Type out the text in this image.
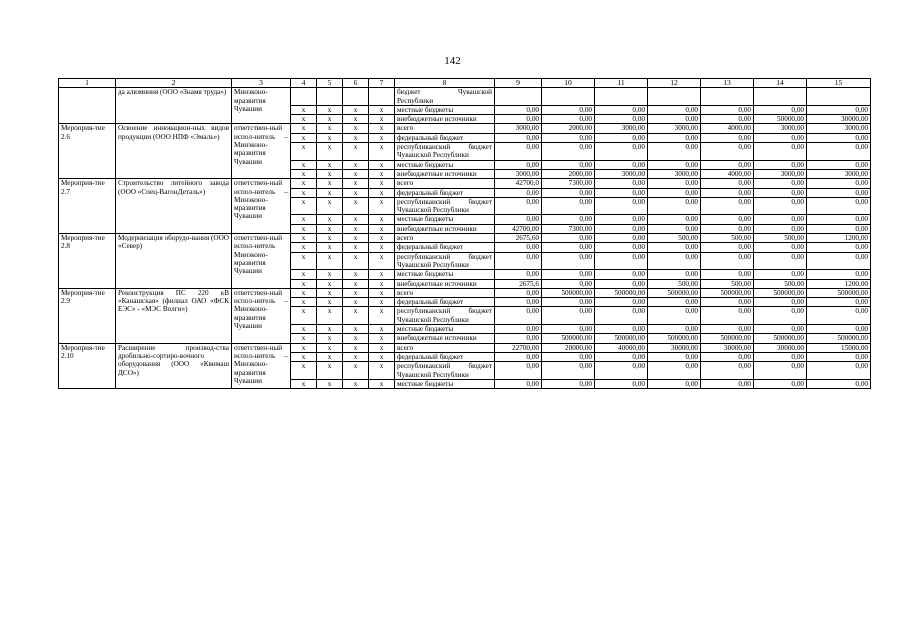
142
1	2	3	4	5	6	7	8	9	10	11	12	13	14	15
	да алюминия (ООО «Знамя труда»)	Минэконо-мразвития Чувашии					бюджет Чувашской Республики							
			x	x	x	x	местные бюджеты	0,00	0,00	0,00	0,00	0,00	0,00	0,00
			x	x	x	x	внебюджетные источники	0,00	0,00	0,00	0,00	0,00	50000,00	30000,00
Мероприя-тие 2.6	Освоение инновацион-ных видов продукции (ООО НПФ «Эмаль»)	ответствен-ный испол-нитель – Минэконо-мразвития Чувашии	x	x	x	x	всего	3000,00	2000,00	3000,00	3000,00	4000,00	3000,00	3000,00
			x	x	x	x	федеральный бюджет	0,00	0,00	0,00	0,00	0,00	0,00	0,00
			x	x	x	x	республиканский бюджет Чувашской Республики	0,00	0,00	0,00	0,00	0,00	0,00	0,00
			x	x	x	x	местные бюджеты	0,00	0,00	0,00	0,00	0,00	0,00	0,00
			x	x	x	x	внебюджетные источники	3000,00	2000,00	3000,00	3000,00	4000,00	3000,00	3000,00
Мероприя-тие 2.7	Строительство литейного завода (ООО «Спец-ВагонДеталь»)	ответствен-ный испол-нитель – Минэконо-мразвития Чувашии	x	x	x	x	всего	42700,0	7300,00	0,00	0,00	0,00	0,00	0,00
			x	x	x	x	федеральный бюджет	0,00	0,00	0,00	0,00	0,00	0,00	0,00
			x	x	x	x	республиканский бюджет Чувашской Республики	0,00	0,00	0,00	0,00	0,00	0,00	0,00
			x	x	x	x	местные бюджеты	0,00	0,00	0,00	0,00	0,00	0,00	0,00
			x	x	x	x	внебюджетные источники	42700,00	7300,00	0,00	0,00	0,00	0,00	0,00
Мероприя-тие 2.8	Модернизация оборудо-вания (ООО «Север)	ответствен-ный испол-нитель Минэконо-мразвития Чувашии	x	x	x	x	всего	2675,60	0,00	0,00	500,00	500,00	500,00	1200,00
			x	x	x	x	федеральный бюджет	0,00	0,00	0,00	0,00	0,00	0,00	0,00
			x	x	x	x	республиканский бюджет Чувашской Республики	0,00	0,00	0,00	0,00	0,00	0,00	0,00
			x	x	x	x	местные бюджеты	0,00	0,00	0,00	0,00	0,00	0,00	0,00
			x	x	x	x	внебюджетные источники	2675,6	0,00	0,00	500,00	500,00	500,00	1200,00
Мероприя-тие 2.9	Реконструкция ПС 220 кВ «Канашская» (филиал ОАО «ФСК ЕЭС» - «МЭС Волги»)	ответствен-ный испол-нитель – Минэконо-мразвития Чувашии	x	x	x	x	всего	0,00	500000,00	500000,00	500000,00	500000,00	500000,00	500000,00
			x	x	x	x	федеральный бюджет	0,00	0,00	0,00	0,00	0,00	0,00	0,00
			x	x	x	x	республиканский бюджет Чувашской Республики	0,00	0,00	0,00	0,00	0,00	0,00	0,00
			x	x	x	x	местные бюджеты	0,00	0,00	0,00	0,00	0,00	0,00	0,00
			x	x	x	x	внебюджетные источники	0,00	500000,00	500000,00	500000,00	500000,00	500000,00	500000,00
Мероприя-тие 2.10	Расширение производ-ства дробильно-сортиро-вочного оборудования (ООО «Квимаш ДСО»)	ответствен-ный испол-нитель – Минэконо-мразвития Чувашии	x	x	x	x	всего	22700,00	20000,00	40000,00	30000,00	30000,00	30000,00	15000,00
			x	x	x	x	федеральный бюджет	0,00	0,00	0,00	0,00	0,00	0,00	0,00
			x	x	x	x	республиканский бюджет Чувашской Республики	0,00	0,00	0,00	0,00	0,00	0,00	0,00
			x	x	x	x	местные бюджеты	0,00	0,00	0,00	0,00	0,00	0,00	0,00
